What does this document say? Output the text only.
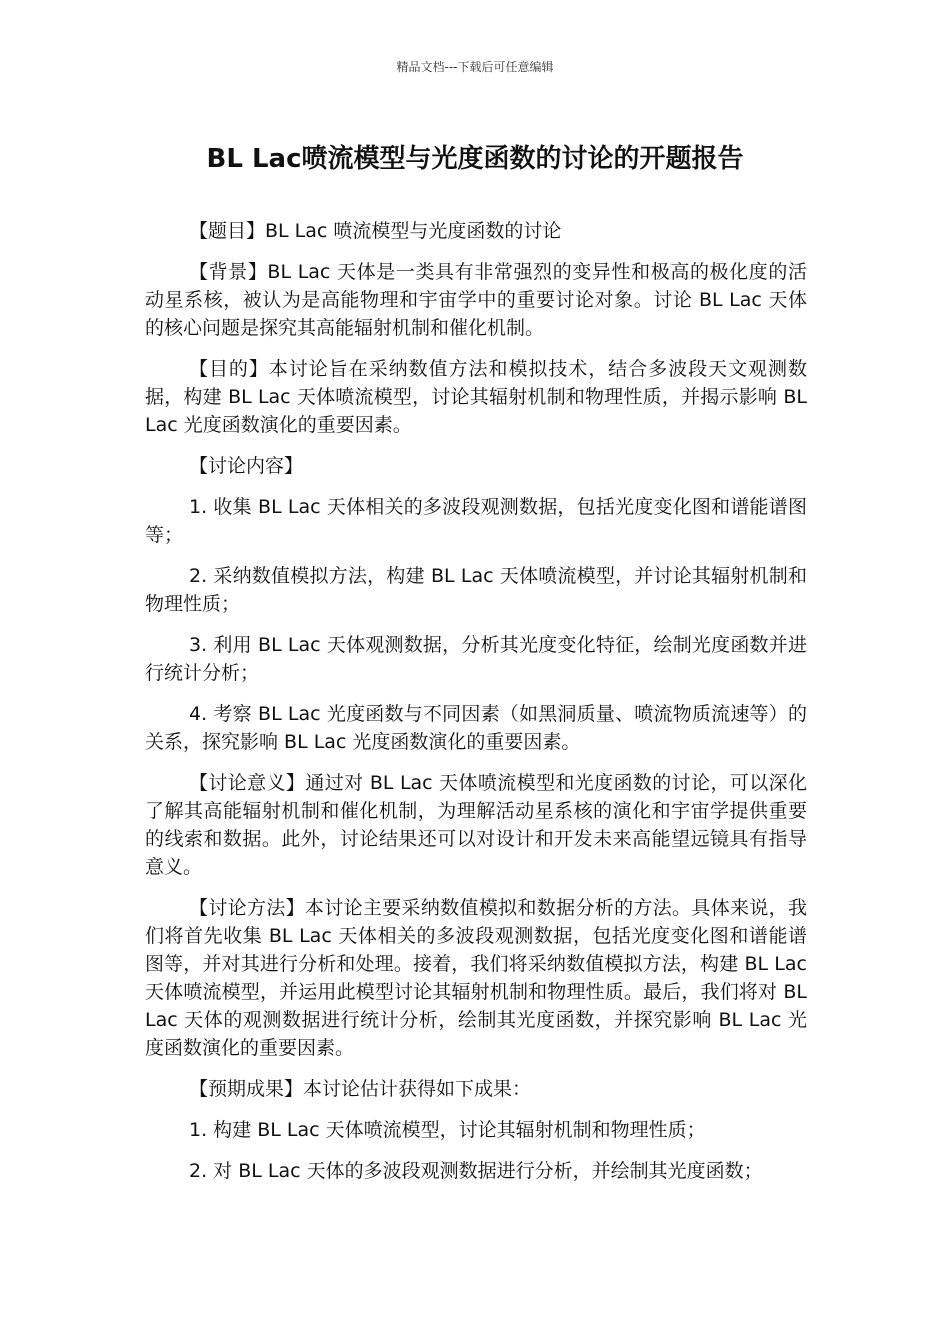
精品文档---下载后可任意编辑
BL Lac喷流模型与光度函数的讨论的开题报告

【题目】BL Lac 喷流模型与光度函数的讨论

【背景】BL Lac 天体是一类具有非常强烈的变异性和极高的极化度的活动星系核，被认为是高能物理和宇宙学中的重要讨论对象。讨论 BL Lac 天体的核心问题是探究其高能辐射机制和催化机制。

【目的】本讨论旨在采纳数值方法和模拟技术，结合多波段天文观测数据，构建 BL Lac 天体喷流模型，讨论其辐射机制和物理性质，并揭示影响 BL Lac 光度函数演化的重要因素。

【讨论内容】

1. 收集 BL Lac 天体相关的多波段观测数据，包括光度变化图和谱能谱图等；

2. 采纳数值模拟方法，构建 BL Lac 天体喷流模型，并讨论其辐射机制和物理性质；

3. 利用 BL Lac 天体观测数据，分析其光度变化特征，绘制光度函数并进行统计分析；

4. 考察 BL Lac 光度函数与不同因素（如黑洞质量、喷流物质流速等）的关系，探究影响 BL Lac 光度函数演化的重要因素。

【讨论意义】通过对 BL Lac 天体喷流模型和光度函数的讨论，可以深化了解其高能辐射机制和催化机制，为理解活动星系核的演化和宇宙学提供重要的线索和数据。此外，讨论结果还可以对设计和开发未来高能望远镜具有指导意义。

【讨论方法】本讨论主要采纳数值模拟和数据分析的方法。具体来说，我们将首先收集 BL Lac 天体相关的多波段观测数据，包括光度变化图和谱能谱图等，并对其进行分析和处理。接着，我们将采纳数值模拟方法，构建 BL Lac 天体喷流模型，并运用此模型讨论其辐射机制和物理性质。最后，我们将对 BL Lac 天体的观测数据进行统计分析，绘制其光度函数，并探究影响 BL Lac 光度函数演化的重要因素。

【预期成果】本讨论估计获得如下成果：

1. 构建 BL Lac 天体喷流模型，讨论其辐射机制和物理性质；

2. 对 BL Lac 天体的多波段观测数据进行分析，并绘制其光度函数；
